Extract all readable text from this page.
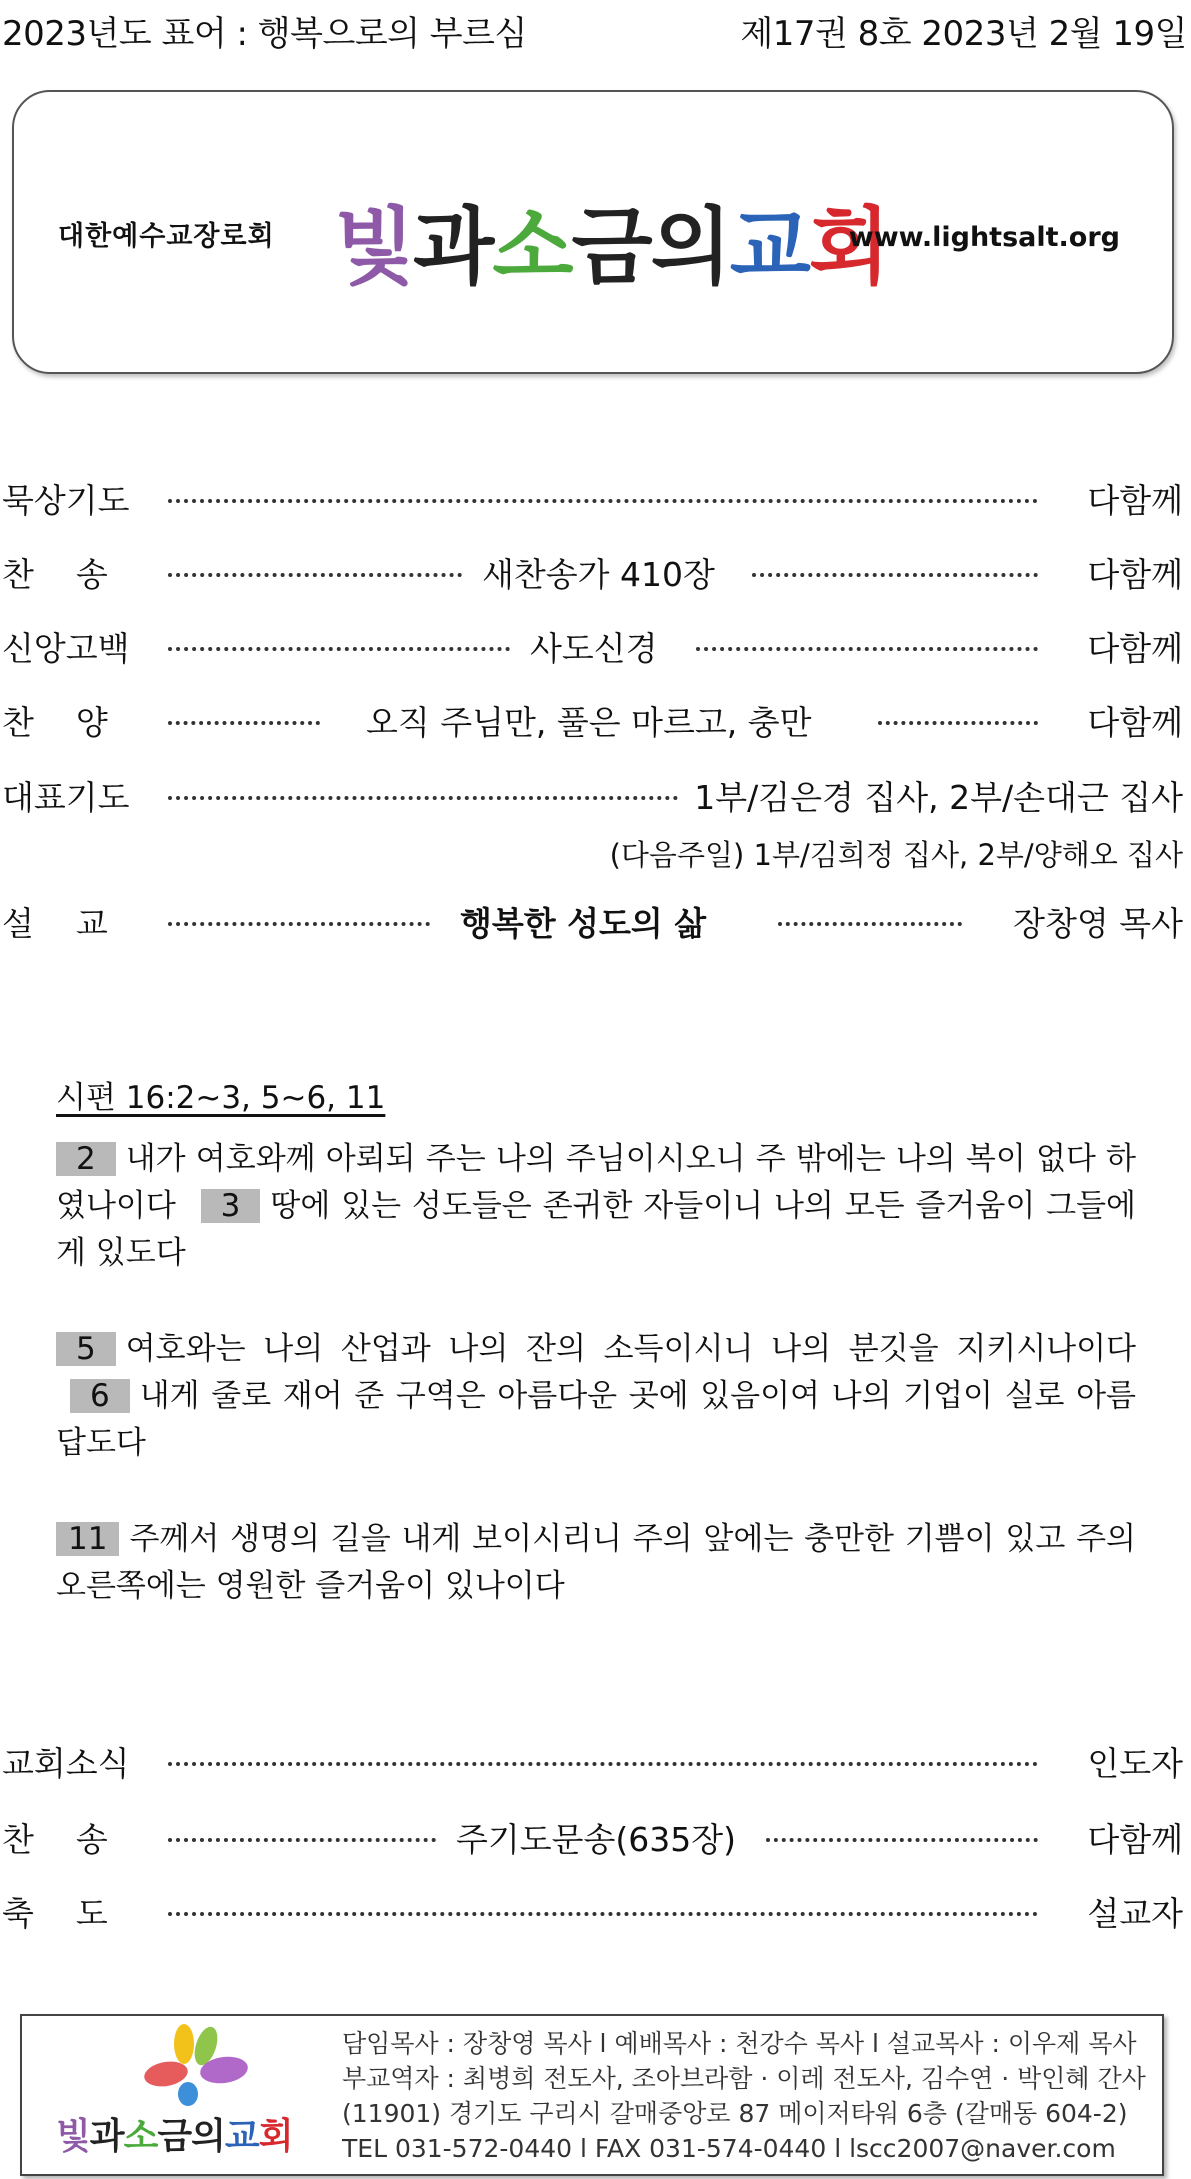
2023년도 표어 : 행복으로의 부르심	제17권 8호 2023년 2월 19일
대한예수교장로회 빛과소금의교회
www.lightsalt.org
묵상기도	다함께
찬    송	새찬송가 410장	다함께
신앙고백	사도신경	다함께
찬    양	오직 주님만, 풀은 마르고, 충만	다함께
대표기도	1부/김은경 집사, 2부/손대근 집사
(다음주일) 1부/김희정 집사, 2부/양해오 집사
설    교	행복한 성도의 삶	장창영 목사
시편 16:2~3, 5~6, 11
2 내가 여호와께 아뢰되 주는 나의 주님이시오니 주 밖에는 나의 복이 없다 하였나이다 3 땅에 있는 성도들은 존귀한 자들이니 나의 모든 즐거움이 그들에게 있도다
5 여호와는 나의 산업과 나의 잔의 소득이시니 나의 분깃을 지키시나이다 6 내게 줄로 재어 준 구역은 아름다운 곳에 있음이여 나의 기업이 실로 아름답도다
11 주께서 생명의 길을 내게 보이시리니 주의 앞에는 충만한 기쁨이 있고 주의 오른쪽에는 영원한 즐거움이 있나이다
교회소식	인도자
찬    송	주기도문송(635장)	다함께
축    도	설교자
빛과소금의교회
담임목사 : 장창영 목사 l 예배목사 : 천강수 목사 l 설교목사 : 이우제 목사
부교역자 : 최병희 전도사, 조아브라함 · 이레 전도사, 김수연 · 박인혜 간사
(11901) 경기도 구리시 갈매중앙로 87 메이저타워 6층 (갈매동 604-2)
TEL 031-572-0440 l FAX 031-574-0440 l lscc2007@naver.com
